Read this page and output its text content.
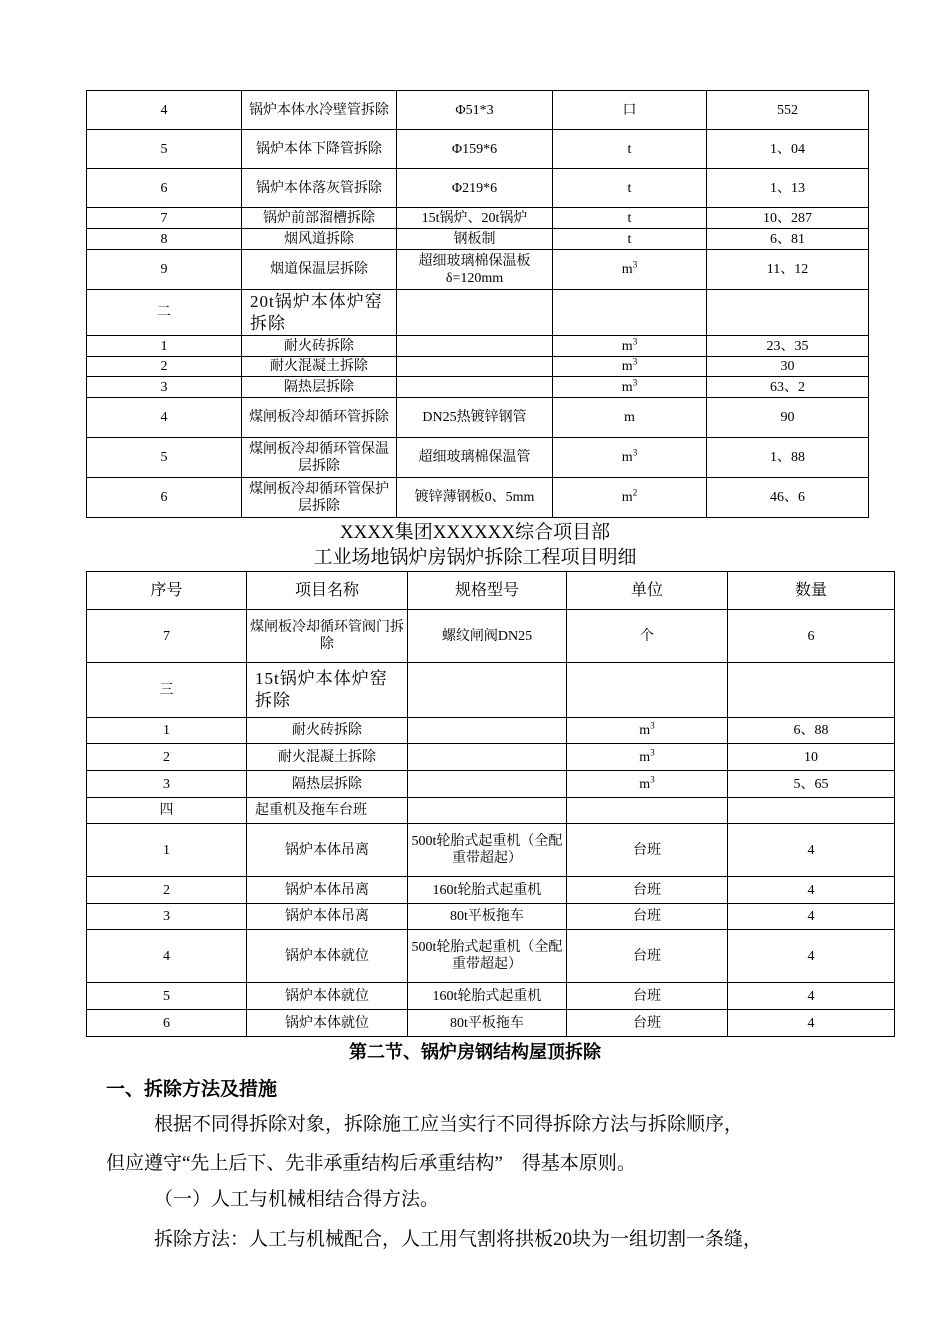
4	锅炉本体水冷壁管拆除	Φ51*3	口	552
5	锅炉本体下降管拆除	Φ159*6	t	1、04
6	锅炉本体落灰管拆除	Φ219*6	t	1、13
7	锅炉前部溜槽拆除	15t锅炉、20t锅炉	t	10、287
8	烟风道拆除	钢板制	t	6、81
9	烟道保温层拆除	超细玻璃棉保温板δ=120mm	$m^3$	11、12
二	20t锅炉本体炉窑拆除			
1	耐火砖拆除		$m^3$	23、35
2	耐火混凝土拆除		$m^3$	30
3	隔热层拆除		$m^3$	63、2
4	煤闸板冷却循环管拆除	DN25热镀锌钢管	m	90
5	煤闸板冷却循环管保温层拆除	超细玻璃棉保温管	$m^3$	1、88
6	煤闸板冷却循环管保护层拆除	镀锌薄钢板0、5mm	$m^2$	46、6
XXXX集团XXXXXX综合项目部
工业场地锅炉房锅炉拆除工程项目明细
序号	项目名称	规格型号	单位	数量
7	煤闸板冷却循环管阀门拆除	螺纹闸阀DN25	个	6
三	15t锅炉本体炉窑拆除			
1	耐火砖拆除		$m^3$	6、88
2	耐火混凝土拆除		$m^3$	10
3	隔热层拆除		$m^3$	5、65
四	起重机及拖车台班			
1	锅炉本体吊离	500t轮胎式起重机（全配重带超起）	台班	4
2	锅炉本体吊离	160t轮胎式起重机	台班	4
3	锅炉本体吊离	80t平板拖车	台班	4
4	锅炉本体就位	500t轮胎式起重机（全配重带超起）	台班	4
5	锅炉本体就位	160t轮胎式起重机	台班	4
6	锅炉本体就位	80t平板拖车	台班	4
第二节、锅炉房钢结构屋顶拆除
一、拆除方法及措施
根据不同得拆除对象，拆除施工应当实行不同得拆除方法与拆除顺序，
但应遵守“先上后下、先非承重结构后承重结构”　得基本原则。
（一）人工与机械相结合得方法。
拆除方法：人工与机械配合，人工用气割将拱板20块为一组切割一条缝，
